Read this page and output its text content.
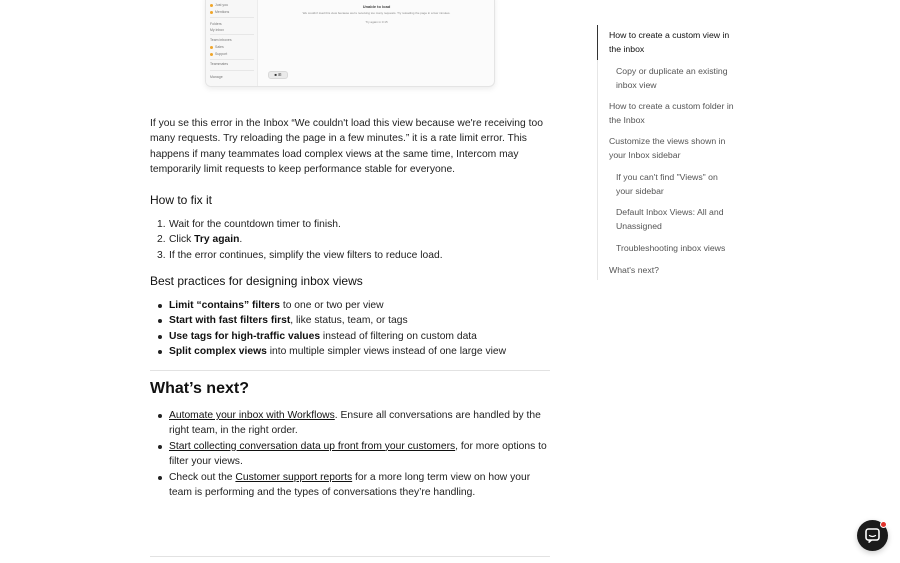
Just you
Mentions
Folders
My inbox
Team inboxes
Sales
Support
Teammates
Manage
Unable to load
We couldn't load this view because we're receiving too many requests. Try reloading the page in a few minutes.
Try again in 0:15
■ ⊞

If you se this error in the Inbox “We couldn't load this view because we're receiving too many requests. Try reloading the page in a few minutes.” it is a rate limit error. This happens if many teammates load complex views at the same time, Intercom may temporarily limit requests to keep performance stable for everyone.

How to fix it
1. Wait for the countdown timer to finish.
2. Click Try again.
3. If the error continues, simplify the view filters to reduce load.
Best practices for designing inbox views
Limit “contains” filters to one or two per view
Start with fast filters first, like status, team, or tags
Use tags for high-traffic values instead of filtering on custom data
Split complex views into multiple simpler views instead of one large view
What’s next?
Automate your inbox with Workflows. Ensure all conversations are handled by the right team, in the right order.
Start collecting conversation data up front from your customers, for more options to filter your views.
Check out the Customer support reports for a more long term view on how your team is performing and the types of conversations they’re handling.
How to create a custom view in the inbox
Copy or duplicate an existing inbox view
How to create a custom folder in the Inbox
Customize the views shown in your Inbox sidebar
If you can't find "Views" on your sidebar
Default Inbox Views: All and Unassigned
Troubleshooting inbox views
What's next?
